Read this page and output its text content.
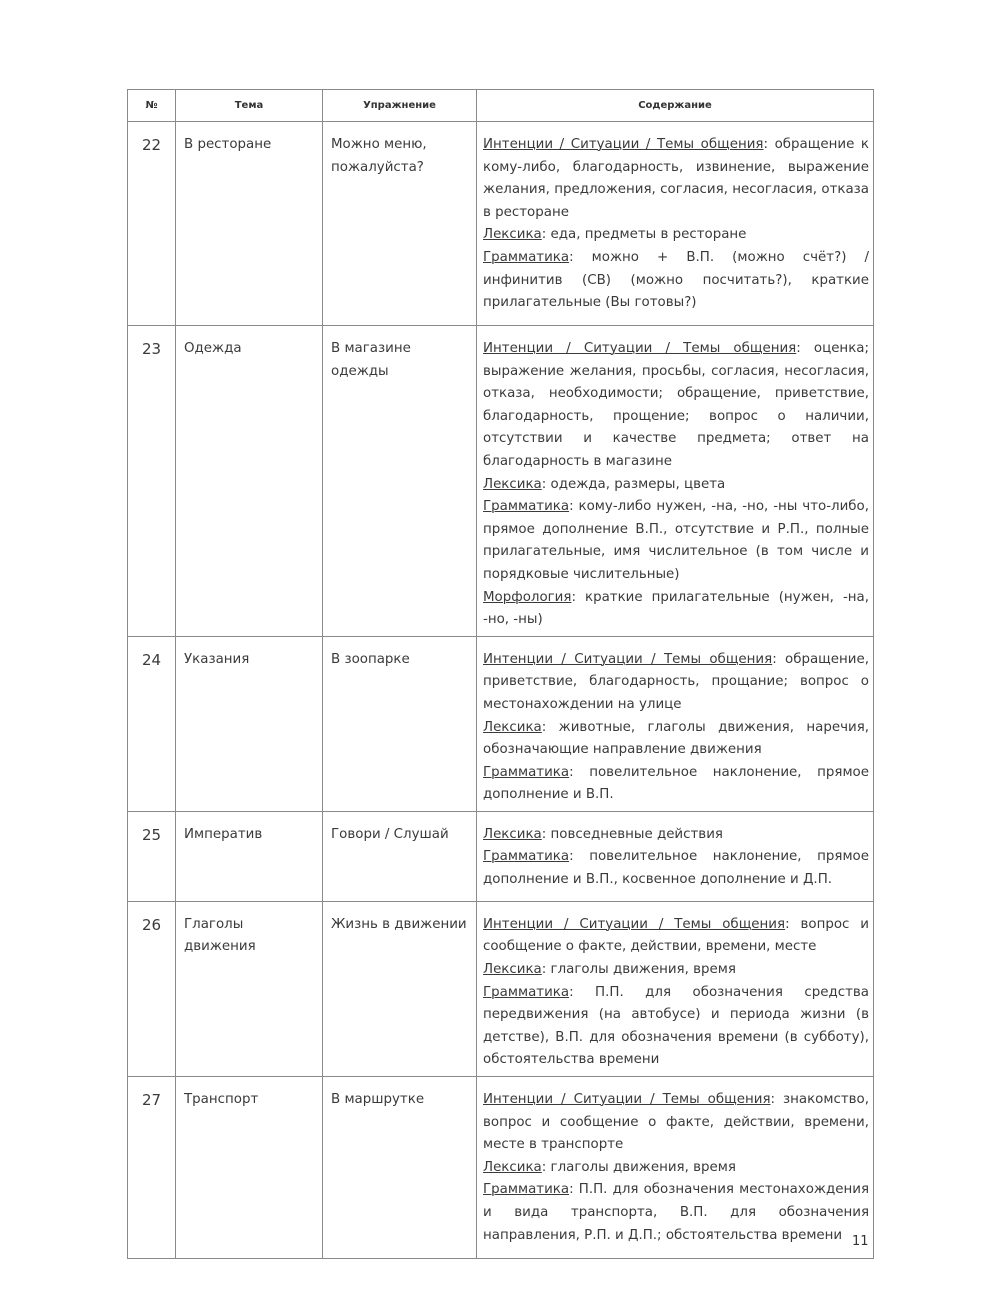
№	Тема	Упражнение	Содержание

22	В ресторане	Можно меню, пожалуйста?	Интенции / Ситуации / Темы общения: обращение к кому-либо, благодарность, извинение, выражение желания, предложения, согласия, несогласия, отказа в ресторане
Лексика: еда, предметы в ресторане
Грамматика: можно + В.П. (можно счёт?) / инфинитив (СВ) (можно посчитать?), краткие прилагательные (Вы готовы?)

23	Одежда	В магазине одежды	Интенции / Ситуации / Темы общения: оценка; выражение желания, просьбы, согласия, несогласия, отказа, необходимости; обращение, приветствие, благодарность, прощение; вопрос о наличии, отсутствии и качестве предмета; ответ на благодарность в магазине
Лексика: одежда, размеры, цвета
Грамматика: кому-либо нужен, -на, -но, -ны что-либо, прямое дополнение В.П., отсутствие и Р.П., полные прилагательные, имя числительное (в том числе и порядковые числительные)
Морфология: краткие прилагательные (нужен, -на, -но, -ны)

24	Указания	В зоопарке	Интенции / Ситуации / Темы общения: обращение, приветствие, благодарность, прощание; вопрос о местонахождении на улице
Лексика: животные, глаголы движения, наречия, обозначающие направление движения
Грамматика: повелительное наклонение, прямое дополнение и В.П.

25	Императив	Говори / Слушай	Лексика: повседневные действия
Грамматика: повелительное наклонение, прямое дополнение и В.П., косвенное дополнение и Д.П.

26	Глаголы движения	Жизнь в движении	Интенции / Ситуации / Темы общения: вопрос и сообщение о факте, действии, времени, месте
Лексика: глаголы движения, время
Грамматика: П.П. для обозначения средства передвижения (на автобусе) и периода жизни (в детстве), В.П. для обозначения времени (в субботу), обстоятельства времени

27	Транспорт	В маршрутке	Интенции / Ситуации / Темы общения: знакомство, вопрос и сообщение о факте, действии, времени, месте в транспорте
Лексика: глаголы движения, время
Грамматика: П.П. для обозначения местонахождения и вида транспорта, В.П. для обозначения направления, Р.П. и Д.П.; обстоятельства времени 11
